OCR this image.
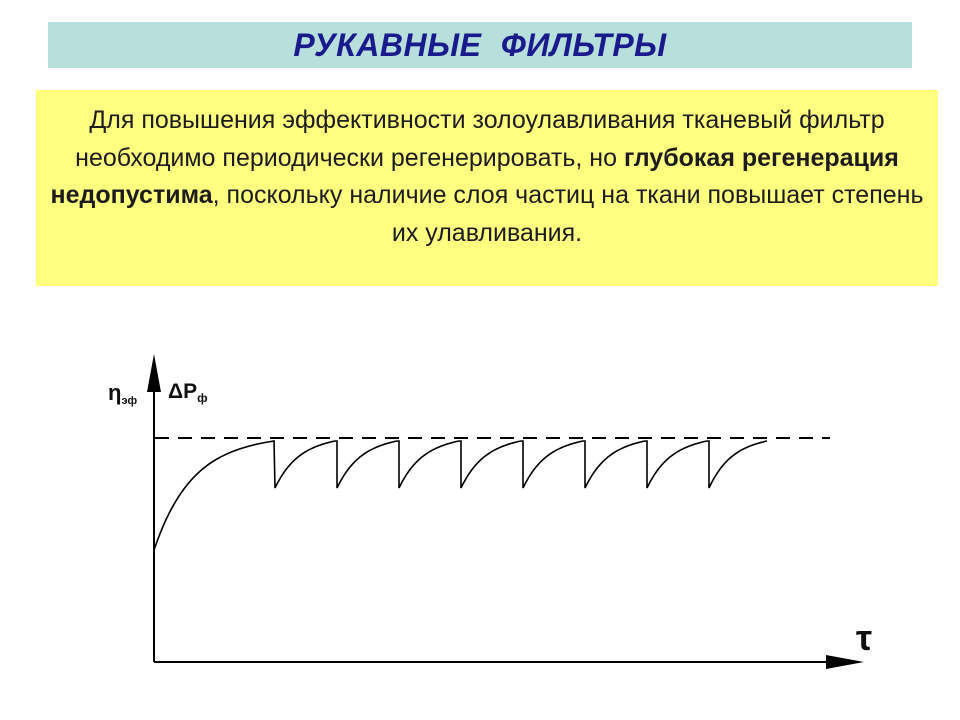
РУКАВНЫЕ ФИЛЬТРЫ
Для повышения эффективности золоулавливания тканевый фильтр необходимо периодически регенерировать, но глубокая регенерация недопустима, поскольку наличие слоя частиц на ткани повышает степень их улавливания.
$\eta_{эф}$ $\Delta P_ф$
τ
